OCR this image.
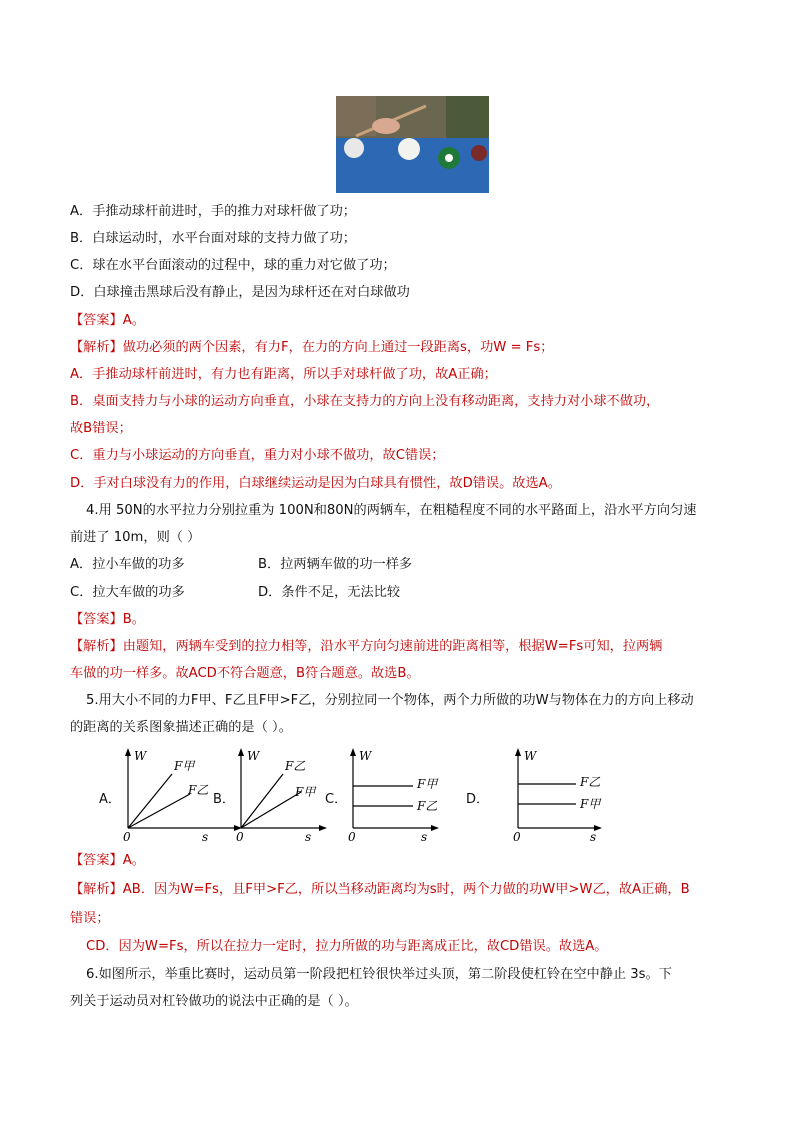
A．手推动球杆前进时，手的推力对球杆做了功；
B．白球运动时，水平台面对球的支持力做了功；
C．球在水平台面滚动的过程中，球的重力对它做了功；
D．白球撞击黑球后没有静止，是因为球杆还在对白球做功
【答案】A。
【解析】做功必须的两个因素，有力F，在力的方向上通过一段距离s，功W = Fs；
A．手推动球杆前进时，有力也有距离，所以手对球杆做了功，故A正确；
B．桌面支持力与小球的运动方向垂直，小球在支持力的方向上没有移动距离，支持力对小球不做功，
故B错误；
C．重力与小球运动的方向垂直，重力对小球不做功，故C错误；
D．手对白球没有力的作用，白球继续运动是因为白球具有惯性，故D错误。故选A。
4.用 50N的水平拉力分别拉重为 100N和80N的两辆车，在粗糙程度不同的水平路面上，沿水平方向匀速
前进了 10m，则（ ）
A．拉小车做的功多	B．拉两辆车做的功一样多
C．拉大车做的功多	D．条件不足，无法比较
【答案】B。
【解析】由题知，两辆车受到的拉力相等，沿水平方向匀速前进的距离相等，根据W=Fs可知，拉两辆
车做的功一样多。故ACD不符合题意，B符合题意。故选B。
5.用大小不同的力F甲、F乙且F甲>F乙，分别拉同一个物体，两个力所做的功W与物体在力的方向上移动
的距离的关系图象描述正确的是（ ）。
A．
W
F甲
F乙
0	s
B．
W
F乙
F甲
0	s
C．
W
F甲
F乙
0	s
D．
W
F乙
F甲
0	s
【答案】A。
【解析】AB．因为W=Fs，且F甲>F乙，所以当移动距离均为s时，两个力做的功W甲>W乙，故A正确，B
错误；
CD．因为W=Fs，所以在拉力一定时，拉力所做的功与距离成正比，故CD错误。故选A。
6.如图所示，举重比赛时，运动员第一阶段把杠铃很快举过头顶，第二阶段使杠铃在空中静止 3s。下
列关于运动员对杠铃做功的说法中正确的是（ ）。
